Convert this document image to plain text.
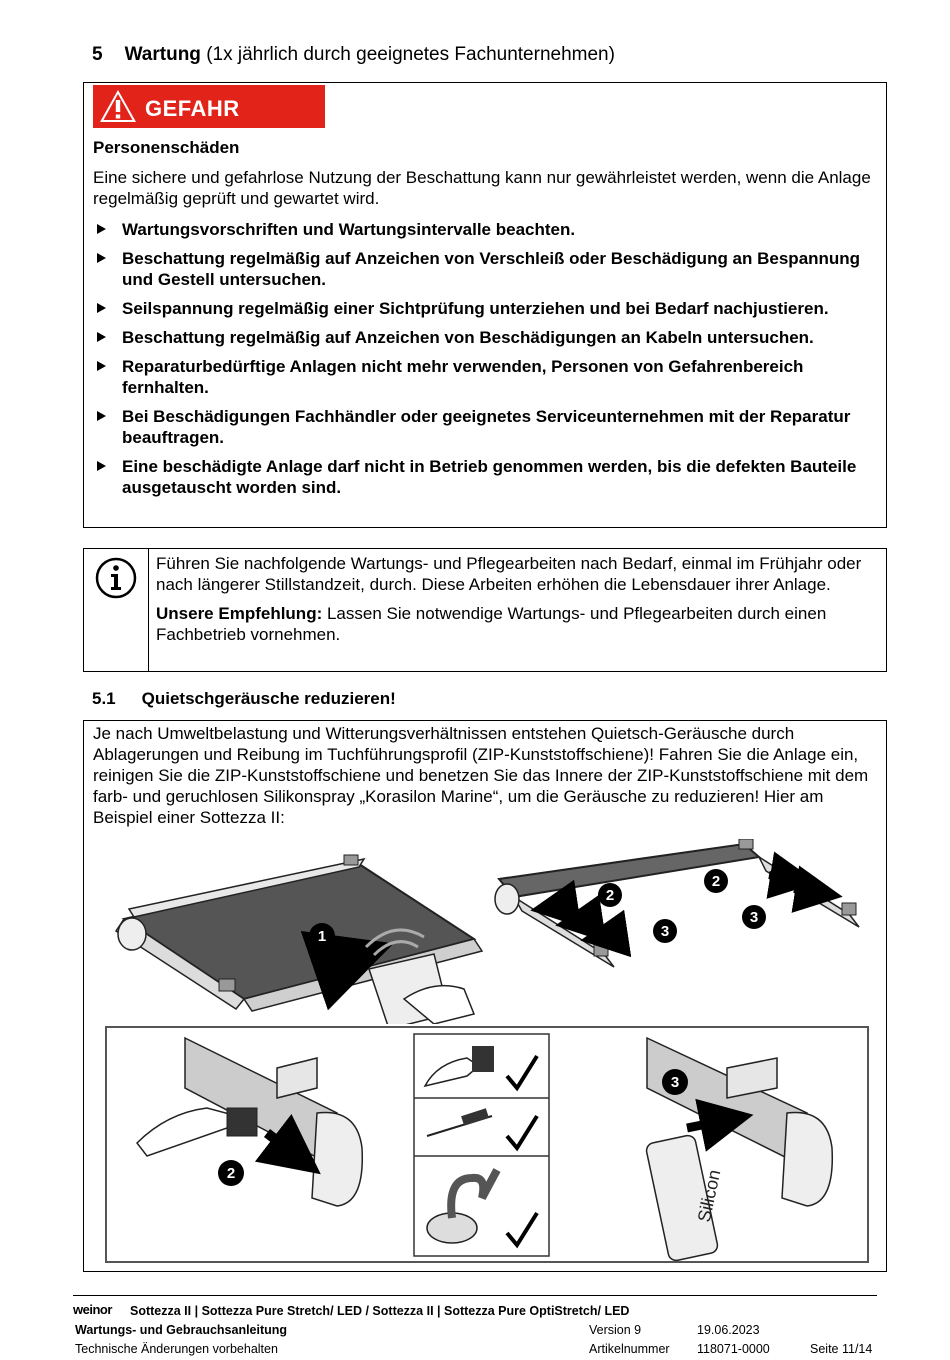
5 Wartung (1x jährlich durch geeignetes Fachunternehmen)
GEFAHR
Personenschäden
Eine sichere und gefahrlose Nutzung der Beschattung kann nur gewährleistet werden, wenn die Anlage regelmäßig geprüft und gewartet wird.
Wartungsvorschriften und Wartungsintervalle beachten.
Beschattung regelmäßig auf Anzeichen von Verschleiß oder Beschädigung an Bespannung und Gestell untersuchen.
Seilspannung regelmäßig einer Sichtprüfung unterziehen und bei Bedarf nachjustieren.
Beschattung regelmäßig auf Anzeichen von Beschädigungen an Kabeln untersuchen.
Reparaturbedürftige Anlagen nicht mehr verwenden, Personen von Gefahrenbereich fernhalten.
Bei Beschädigungen Fachhändler oder geeignetes Serviceunternehmen mit der Reparatur beauftragen.
Eine beschädigte Anlage darf nicht in Betrieb genommen werden, bis die defekten Bauteile ausgetauscht worden sind.

Führen Sie nachfolgende Wartungs- und Pflegearbeiten nach Bedarf, einmal im Frühjahr oder nach längerer Stillstandzeit, durch. Diese Arbeiten erhöhen die Lebensdauer ihrer Anlage.

Unsere Empfehlung: Lassen Sie notwendige Wartungs- und Pflegearbeiten durch einen Fachbetrieb vornehmen.

5.1 Quietschgeräusche reduzieren!
Je nach Umweltbelastung und Witterungsverhältnissen entstehen Quietsch-Geräusche durch Ablagerungen und Reibung im Tuchführungsprofil (ZIP-Kunststoffschiene)! Fahren Sie die Anlage ein, reinigen Sie die ZIP-Kunststoffschiene und benetzen Sie das Innere der ZIP-Kunststoffschiene mit dem farb- und geruchlosen Silikonspray „Korasilon Marine“, um die Geräusche zu reduzieren! Hier am Beispiel einer Sottezza II:
1
2
2
3
3
Silicon
2
3
weinor Sottezza II | Sottezza Pure Stretch/ LED / Sottezza II | Sottezza Pure OptiStretch/ LED
Wartungs- und Gebrauchsanleitung
Technische Änderungen vorbehalten
Version 9	19.06.2023
Artikelnummer 118071-0000	Seite 11/14
